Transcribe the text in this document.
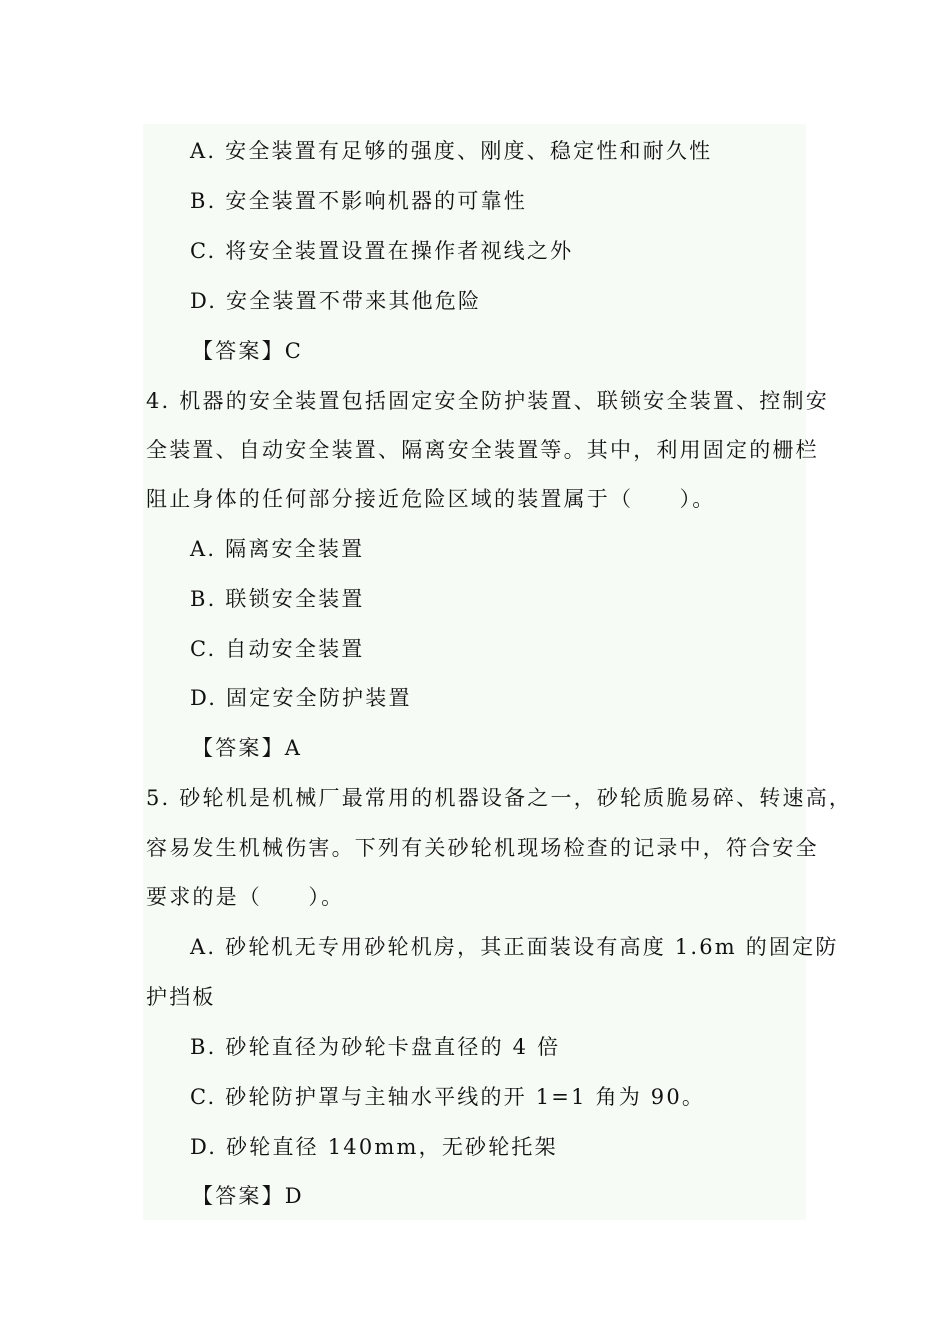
A. 安全装置有足够的强度、刚度、稳定性和耐久性
B. 安全装置不影响机器的可靠性
C. 将安全装置设置在操作者视线之外
D. 安全装置不带来其他危险
【答案】C
4. 机器的安全装置包括固定安全防护装置、联锁安全装置、控制安
全装置、自动安全装置、隔离安全装置等。其中，利用固定的栅栏
阻止身体的任何部分接近危险区域的装置属于（　　）。
A. 隔离安全装置
B. 联锁安全装置
C. 自动安全装置
D. 固定安全防护装置
【答案】A
5. 砂轮机是机械厂最常用的机器设备之一，砂轮质脆易碎、转速高，
容易发生机械伤害。下列有关砂轮机现场检查的记录中，符合安全
要求的是（　　）。
A. 砂轮机无专用砂轮机房，其正面装设有高度 1.6m 的固定防
护挡板
B. 砂轮直径为砂轮卡盘直径的 4 倍
C. 砂轮防护罩与主轴水平线的开 1=1 角为 90。
D. 砂轮直径 140mm，无砂轮托架
【答案】D
